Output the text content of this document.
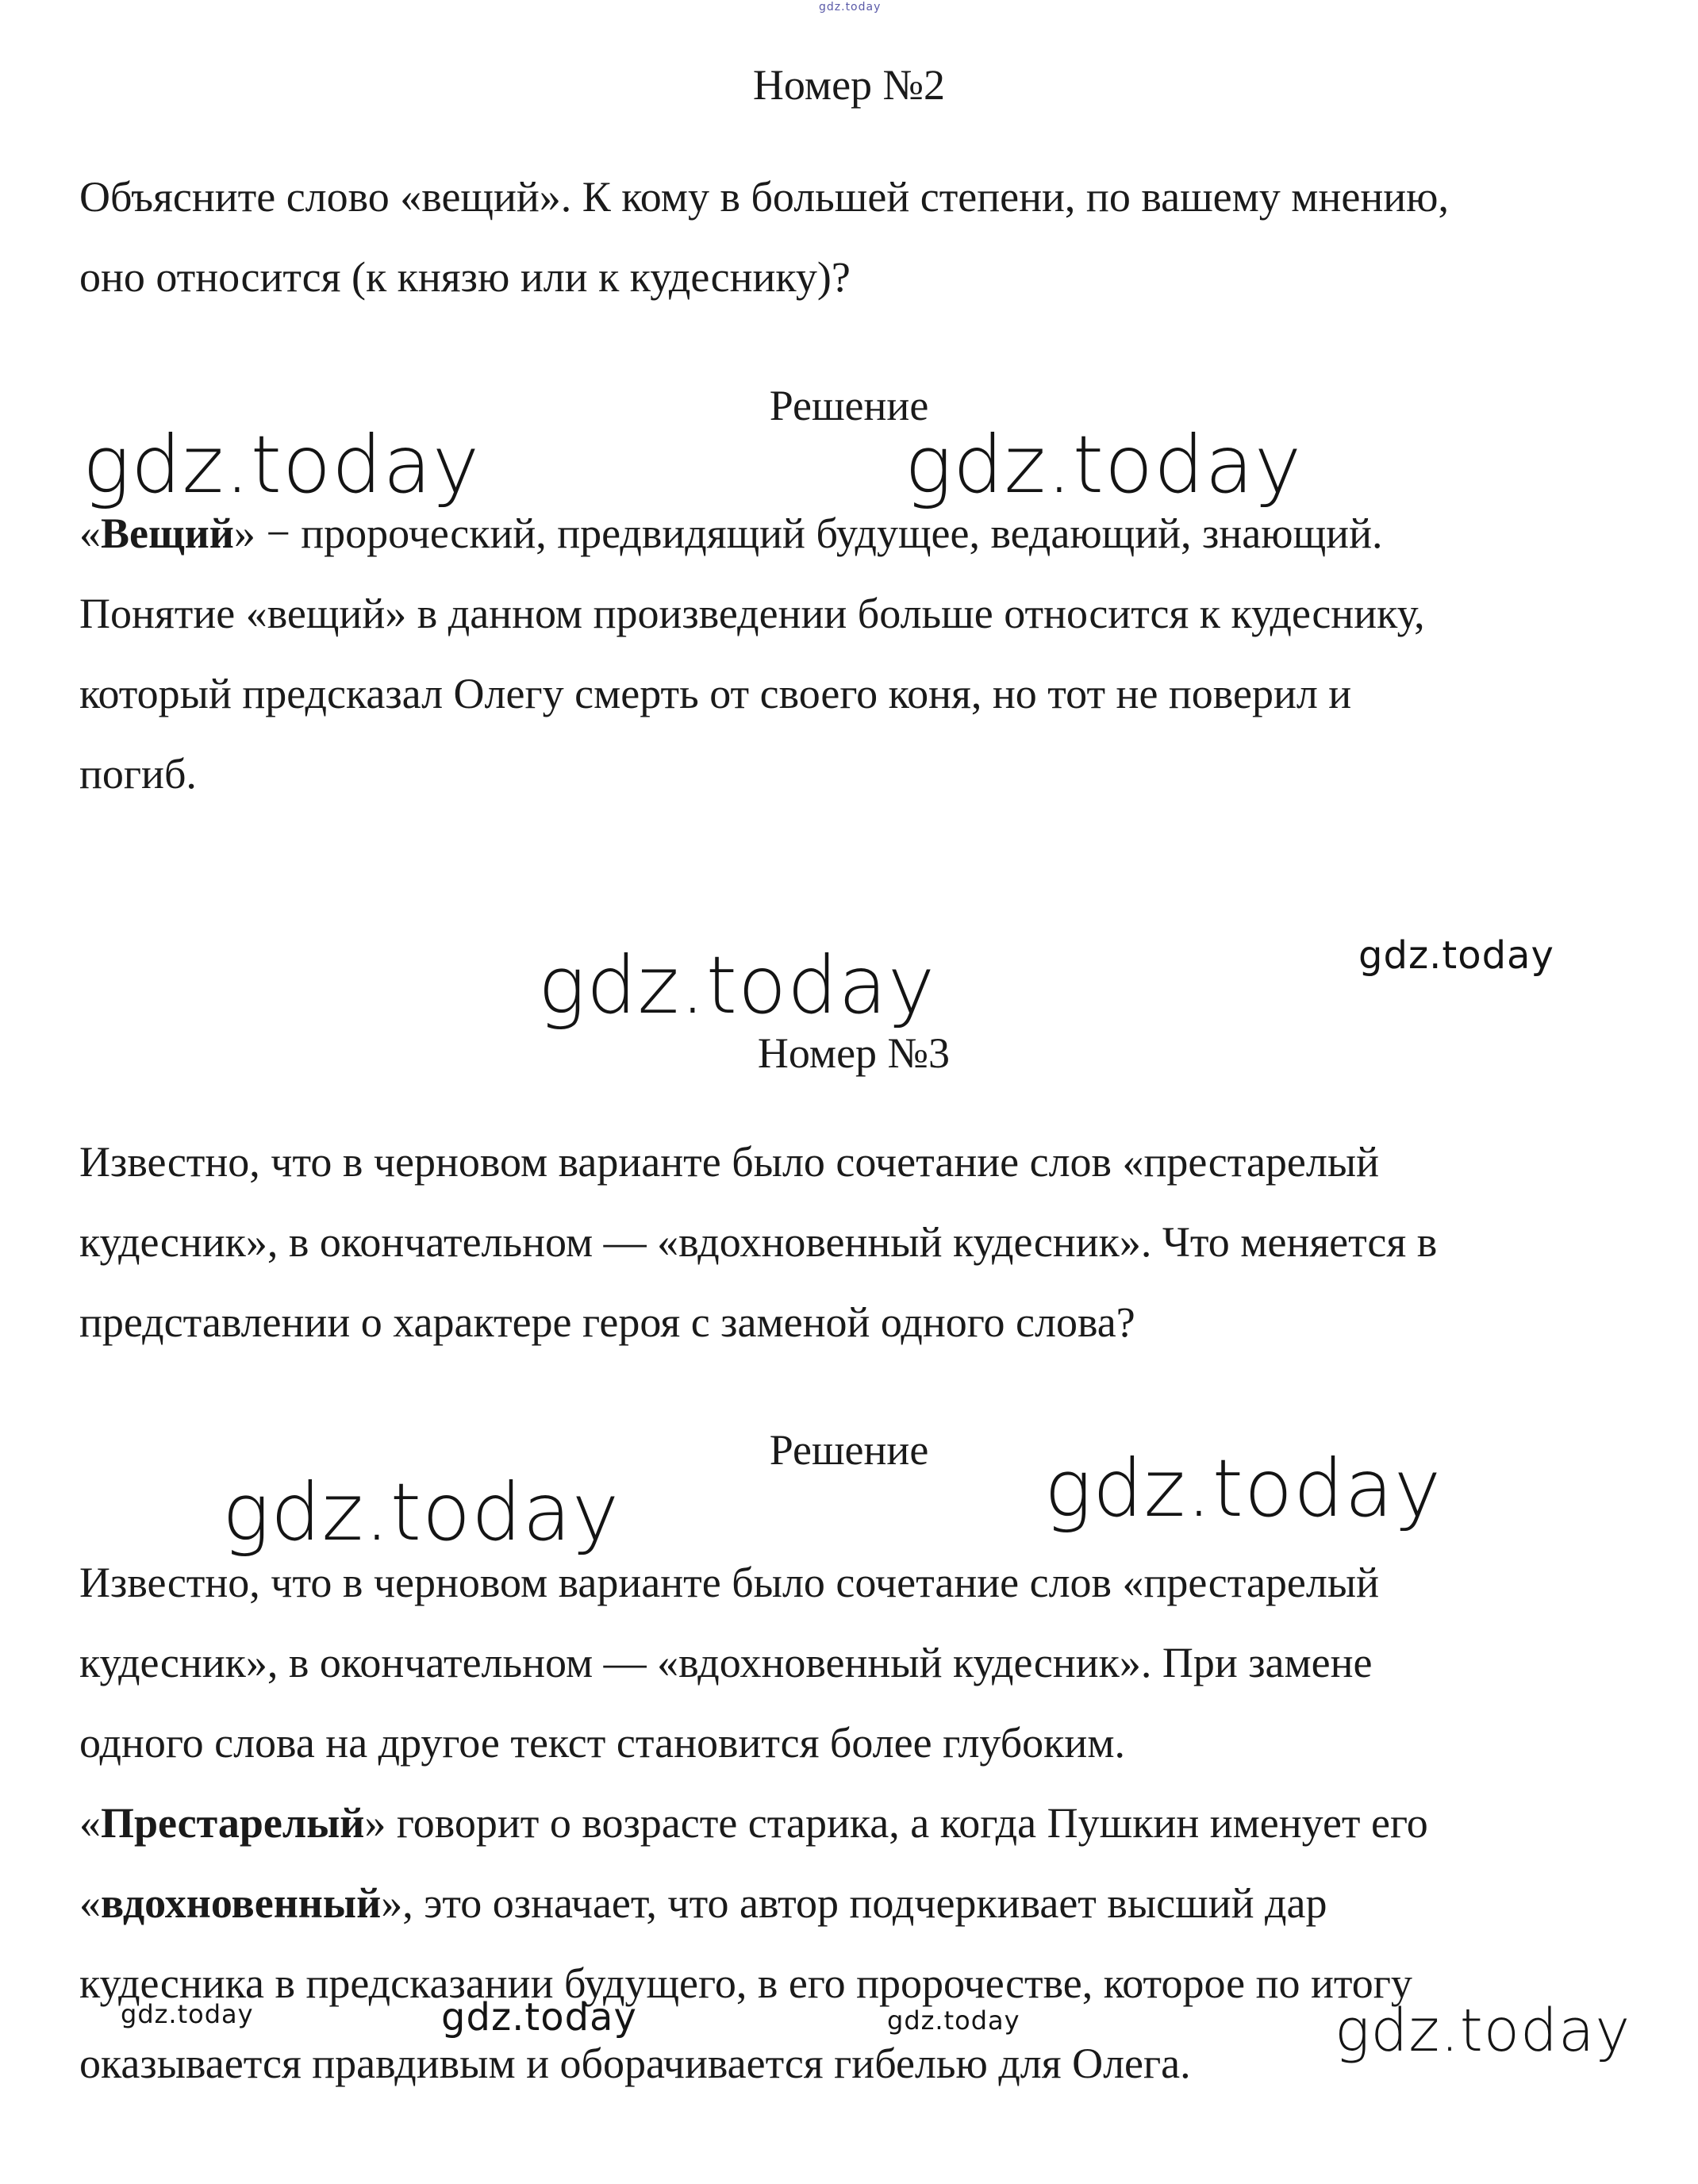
gdz.today
Номер №2
Объясните слово «вещий». К кому в большей степени, по вашему мнению,
оно относится (к князю или к кудеснику)?
Решение
«Вещий» − пророческий, предвидящий будущее, ведающий, знающий.
Понятие «вещий» в данном произведении больше относится к кудеснику,
который предсказал Олегу смерть от своего коня, но тот не поверил и
погиб.
Номер №3
Известно, что в черновом варианте было сочетание слов «престарелый
кудесник», в окончательном — «вдохновенный кудесник». Что меняется в
представлении о характере героя с заменой одного слова?
Решение
Известно, что в черновом варианте было сочетание слов «престарелый
кудесник», в окончательном — «вдохновенный кудесник». При замене
одного слова на другое текст становится более глубоким.
«Престарелый» говорит о возрасте старика, а когда Пушкин именует его
«вдохновенный», это означает, что автор подчеркивает высший дар
кудесника в предсказании будущего, в его пророчестве, которое по итогу
оказывается правдивым и оборачивается гибелью для Олега.
gdz.today	gdz.today
gdz.today	gdz.today
gdz.today	gdz.today
gdz.today	gdz.today	gdz.today	gdz.today
